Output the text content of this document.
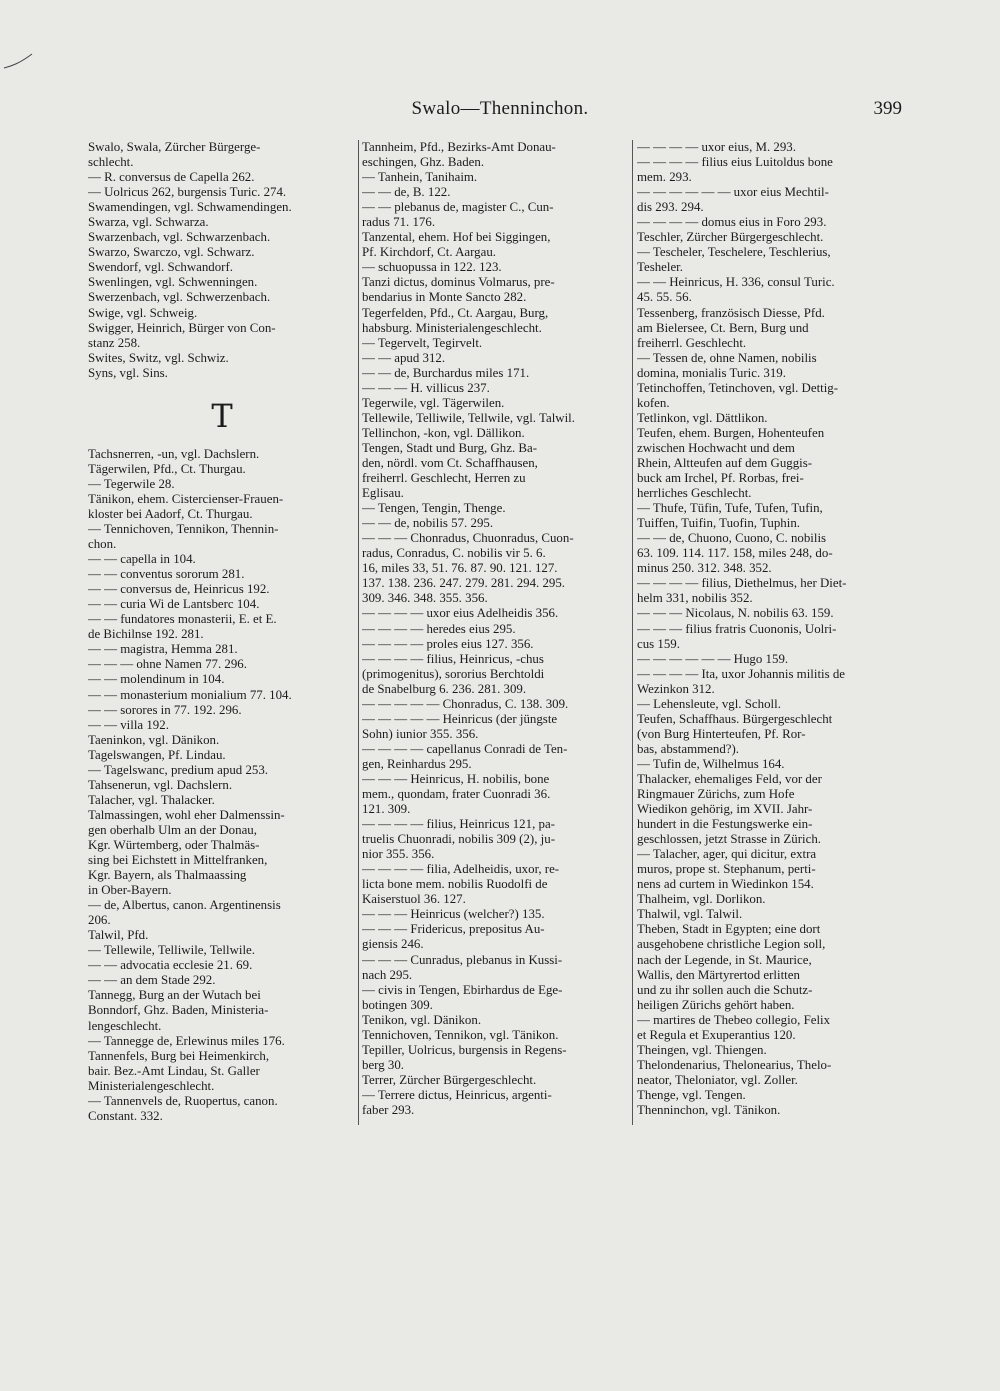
Swalo—Thenninchon.	399
Swalo, Swala, Zürcher Bürgerge-
schlecht.
— R. conversus de Capella 262.
— Uolricus 262, burgensis Turic. 274.
Swamendingen, vgl. Schwamendingen.
Swarza, vgl. Schwarza.
Swarzenbach, vgl. Schwarzenbach.
Swarzo, Swarczo, vgl. Schwarz.
Swendorf, vgl. Schwandorf.
Swenlingen, vgl. Schwenningen.
Swerzenbach, vgl. Schwerzenbach.
Swige, vgl. Schweig.
Swigger, Heinrich, Bürger von Con-
stanz 258.
Swites, Switz, vgl. Schwiz.
Syns, vgl. Sins.
T
Tachsnerren, -un, vgl. Dachslern.
Tägerwilen, Pfd., Ct. Thurgau.
— Tegerwile 28.
Tänikon, ehem. Cistercienser-Frauen-
kloster bei Aadorf, Ct. Thurgau.
— Tennichoven, Tennikon, Thennin-
chon.
— — capella in 104.
— — conventus sororum 281.
— — conversus de, Heinricus 192.
— — curia Wi de Lantsberc 104.
— — fundatores monasterii, E. et E.
de Bichilnse 192. 281.
— — magistra, Hemma 281.
— — — ohne Namen 77. 296.
— — molendinum in 104.
— — monasterium monialium 77. 104.
— — sorores in 77. 192. 296.
— — villa 192.
Taeninkon, vgl. Dänikon.
Tagelswangen, Pf. Lindau.
— Tagelswanc, predium apud 253.
Tahsenerun, vgl. Dachslern.
Talacher, vgl. Thalacker.
Talmassingen, wohl eher Dalmenssin-
gen oberhalb Ulm an der Donau,
Kgr. Würtemberg, oder Thalmäs-
sing bei Eichstett in Mittelfranken,
Kgr. Bayern, als Thalmaassing
in Ober-Bayern.
— de, Albertus, canon. Argentinensis
206.
Talwil, Pfd.
— Tellewile, Telliwile, Tellwile.
— — advocatia ecclesie 21. 69.
— — an dem Stade 292.
Tannegg, Burg an der Wutach bei
Bonndorf, Ghz. Baden, Ministeria-
lengeschlecht.
— Tannegge de, Erlewinus miles 176.
Tannenfels, Burg bei Heimenkirch,
bair. Bez.-Amt Lindau, St. Galler
Ministerialengeschlecht.
— Tannenvels de, Ruopertus, canon.
Constant. 332.
Tannheim, Pfd., Bezirks-Amt Donau-
eschingen, Ghz. Baden.
— Tanhein, Tanihaim.
— — de, B. 122.
— — plebanus de, magister C., Cun-
radus 71. 176.
Tanzental, ehem. Hof bei Siggingen,
Pf. Kirchdorf, Ct. Aargau.
— schuopussa in 122. 123.
Tanzi dictus, dominus Volmarus, pre-
bendarius in Monte Sancto 282.
Tegerfelden, Pfd., Ct. Aargau, Burg,
habsburg. Ministerialengeschlecht.
— Tegervelt, Tegirvelt.
— — apud 312.
— — de, Burchardus miles 171.
— — — H. villicus 237.
Tegerwile, vgl. Tägerwilen.
Tellewile, Telliwile, Tellwile, vgl. Talwil.
Tellinchon, -kon, vgl. Dällikon.
Tengen, Stadt und Burg, Ghz. Ba-
den, nördl. vom Ct. Schaffhausen,
freiherrl. Geschlecht, Herren zu
Eglisau.
— Tengen, Tengin, Thenge.
— — de, nobilis 57. 295.
— — — Chonradus, Chuonradus, Cuon-
radus, Conradus, C. nobilis vir 5. 6.
16, miles 33, 51. 76. 87. 90. 121. 127.
137. 138. 236. 247. 279. 281. 294. 295.
309. 346. 348. 355. 356.
— — — — uxor eius Adelheidis 356.
— — — — heredes eius 295.
— — — — proles eius 127. 356.
— — — — filius, Heinricus, -chus
(primogenitus), sororius Berchtoldi
de Snabelburg 6. 236. 281. 309.
— — — — — Chonradus, C. 138. 309.
— — — — — Heinricus (der jüngste
Sohn) iunior 355. 356.
— — — — capellanus Conradi de Ten-
gen, Reinhardus 295.
— — — Heinricus, H. nobilis, bone
mem., quondam, frater Cuonradi 36.
121. 309.
— — — — filius, Heinricus 121, pa-
truelis Chuonradi, nobilis 309 (2), ju-
nior 355. 356.
— — — — filia, Adelheidis, uxor, re-
licta bone mem. nobilis Ruodolfi de
Kaiserstuol 36. 127.
— — — Heinricus (welcher?) 135.
— — — Fridericus, prepositus Au-
giensis 246.
— — — Cunradus, plebanus in Kussi-
nach 295.
— civis in Tengen, Ebirhardus de Ege-
botingen 309.
Tenikon, vgl. Dänikon.
Tennichoven, Tennikon, vgl. Tänikon.
Tepiller, Uolricus, burgensis in Regens-
berg 30.
Terrer, Zürcher Bürgergeschlecht.
— Terrere dictus, Heinricus, argenti-
faber 293.
— — — — uxor eius, M. 293.
— — — — filius eius Luitoldus bone
mem. 293.
— — — — — — uxor eius Mechtil-
dis 293. 294.
— — — — domus eius in Foro 293.
Teschler, Zürcher Bürgergeschlecht.
— Tescheler, Teschelere, Teschlerius,
Tesheler.
— — Heinricus, H. 336, consul Turic.
45. 55. 56.
Tessenberg, französisch Diesse, Pfd.
am Bielersee, Ct. Bern, Burg und
freiherrl. Geschlecht.
— Tessen de, ohne Namen, nobilis
domina, monialis Turic. 319.
Tetinchoffen, Tetinchoven, vgl. Dettig-
kofen.
Tetlinkon, vgl. Dättlikon.
Teufen, ehem. Burgen, Hohenteufen
zwischen Hochwacht und dem
Rhein, Altteufen auf dem Guggis-
buck am Irchel, Pf. Rorbas, frei-
herrliches Geschlecht.
— Thufe, Tüfin, Tufe, Tufen, Tufin,
Tuiffen, Tuifin, Tuofin, Tuphin.
— — de, Chuono, Cuono, C. nobilis
63. 109. 114. 117. 158, miles 248, do-
minus 250. 312. 348. 352.
— — — — filius, Diethelmus, her Diet-
helm 331, nobilis 352.
— — — Nicolaus, N. nobilis 63. 159.
— — — filius fratris Cuononis, Uolri-
cus 159.
— — — — — — Hugo 159.
— — — — Ita, uxor Johannis militis de
Wezinkon 312.
— Lehensleute, vgl. Scholl.
Teufen, Schaffhaus. Bürgergeschlecht
(von Burg Hinterteufen, Pf. Ror-
bas, abstammend?).
— Tufin de, Wilhelmus 164.
Thalacker, ehemaliges Feld, vor der
Ringmauer Zürichs, zum Hofe
Wiedikon gehörig, im XVII. Jahr-
hundert in die Festungswerke ein-
geschlossen, jetzt Strasse in Zürich.
— Talacher, ager, qui dicitur, extra
muros, prope st. Stephanum, perti-
nens ad curtem in Wiedinkon 154.
Thalheim, vgl. Dorlikon.
Thalwil, vgl. Talwil.
Theben, Stadt in Egypten; eine dort
ausgehobene christliche Legion soll,
nach der Legende, in St. Maurice,
Wallis, den Märtyrertod erlitten
und zu ihr sollen auch die Schutz-
heiligen Zürichs gehört haben.
— martires de Thebeo collegio, Felix
et Regula et Exuperantius 120.
Theingen, vgl. Thiengen.
Thelondenarius, Thelonearius, Thelo-
neator, Theloniator, vgl. Zoller.
Thenge, vgl. Tengen.
Thenninchon, vgl. Tänikon.
